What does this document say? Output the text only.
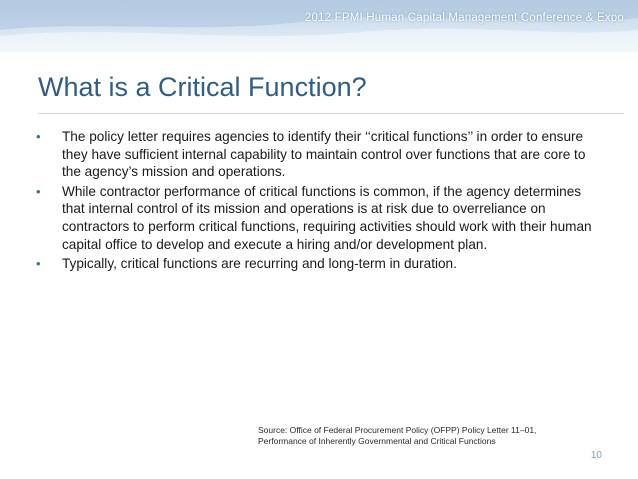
2012 FPMI Human Capital Management Conference & Expo
What is a Critical Function?
• The policy letter requires agencies to identify their ‘‘critical functions’’ in order to ensure they have sufficient internal capability to maintain control over functions that are core to the agency’s mission and operations.
• While contractor performance of critical functions is common, if the agency determines that internal control of its mission and operations is at risk due to overreliance on contractors to perform critical functions, requiring activities should work with their human capital office to develop and execute a hiring and/or development plan.
• Typically, critical functions are recurring and long-term in duration.
Source: Office of Federal Procurement Policy (OFPP) Policy Letter 11–01,
Performance of Inherently Governmental and Critical Functions
10
